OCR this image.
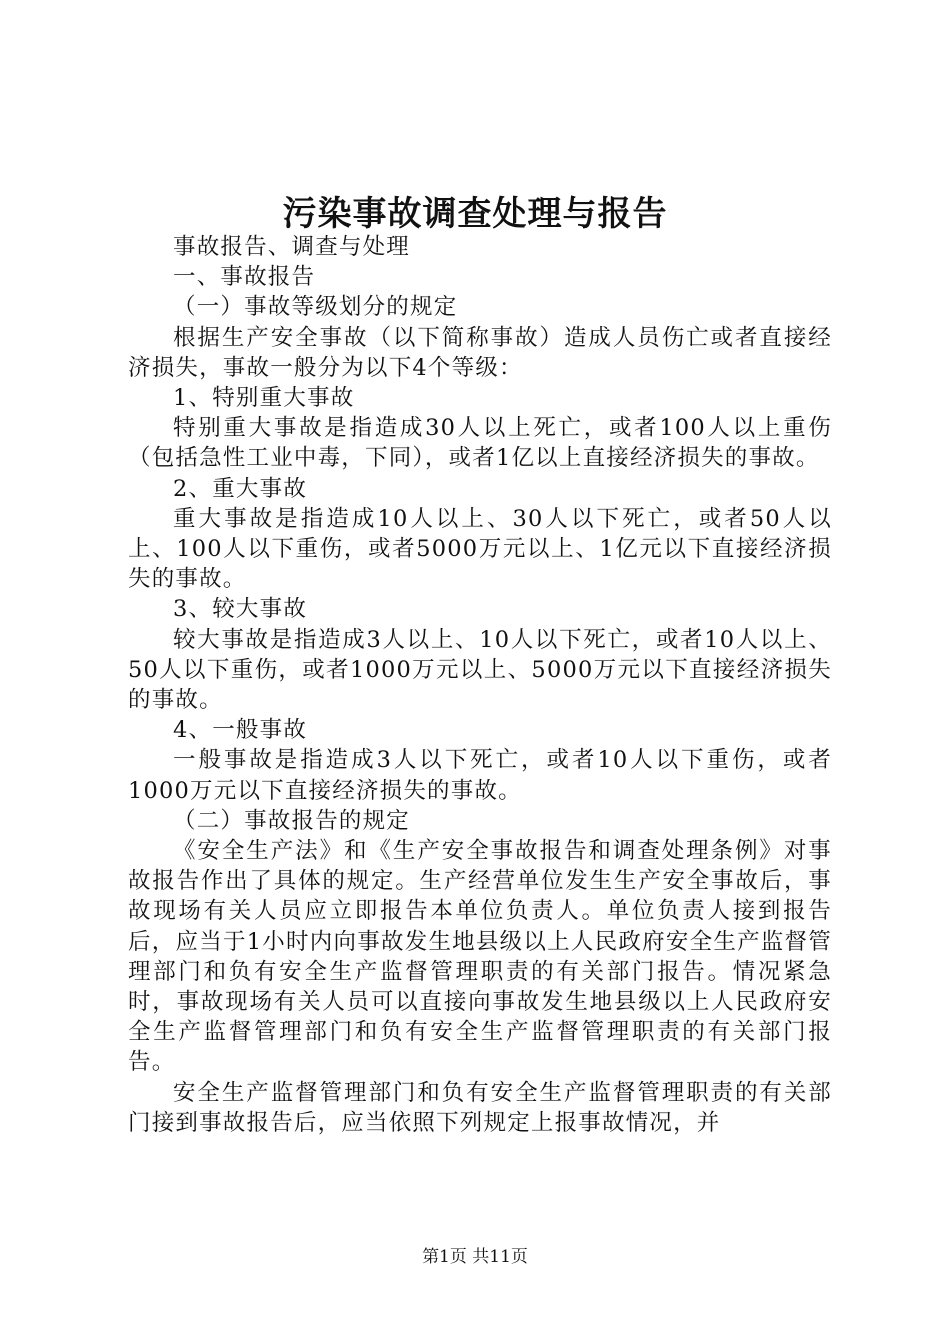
污染事故调查处理与报告

事故报告、调查与处理

一、事故报告

（一）事故等级划分的规定

根据生产安全事故（以下简称事故）造成人员伤亡或者直接经济损失，事故一般分为以下4个等级：

1、特别重大事故

特别重大事故是指造成30人以上死亡，或者100人以上重伤（包括急性工业中毒，下同），或者1亿以上直接经济损失的事故。

2、重大事故

重大事故是指造成10人以上、30人以下死亡，或者50人以上、100人以下重伤，或者5000万元以上、1亿元以下直接经济损失的事故。

3、较大事故

较大事故是指造成3人以上、10人以下死亡，或者10人以上、50人以下重伤，或者1000万元以上、5000万元以下直接经济损失的事故。

4、一般事故

一般事故是指造成3人以下死亡，或者10人以下重伤，或者1000万元以下直接经济损失的事故。

（二）事故报告的规定

《安全生产法》和《生产安全事故报告和调查处理条例》对事故报告作出了具体的规定。生产经营单位发生生产安全事故后，事故现场有关人员应立即报告本单位负责人。单位负责人接到报告后，应当于1小时内向事故发生地县级以上人民政府安全生产监督管理部门和负有安全生产监督管理职责的有关部门报告。情况紧急时，事故现场有关人员可以直接向事故发生地县级以上人民政府安全生产监督管理部门和负有安全生产监督管理职责的有关部门报告。

安全生产监督管理部门和负有安全生产监督管理职责的有关部门接到事故报告后，应当依照下列规定上报事故情况，并

第1页 共11页
